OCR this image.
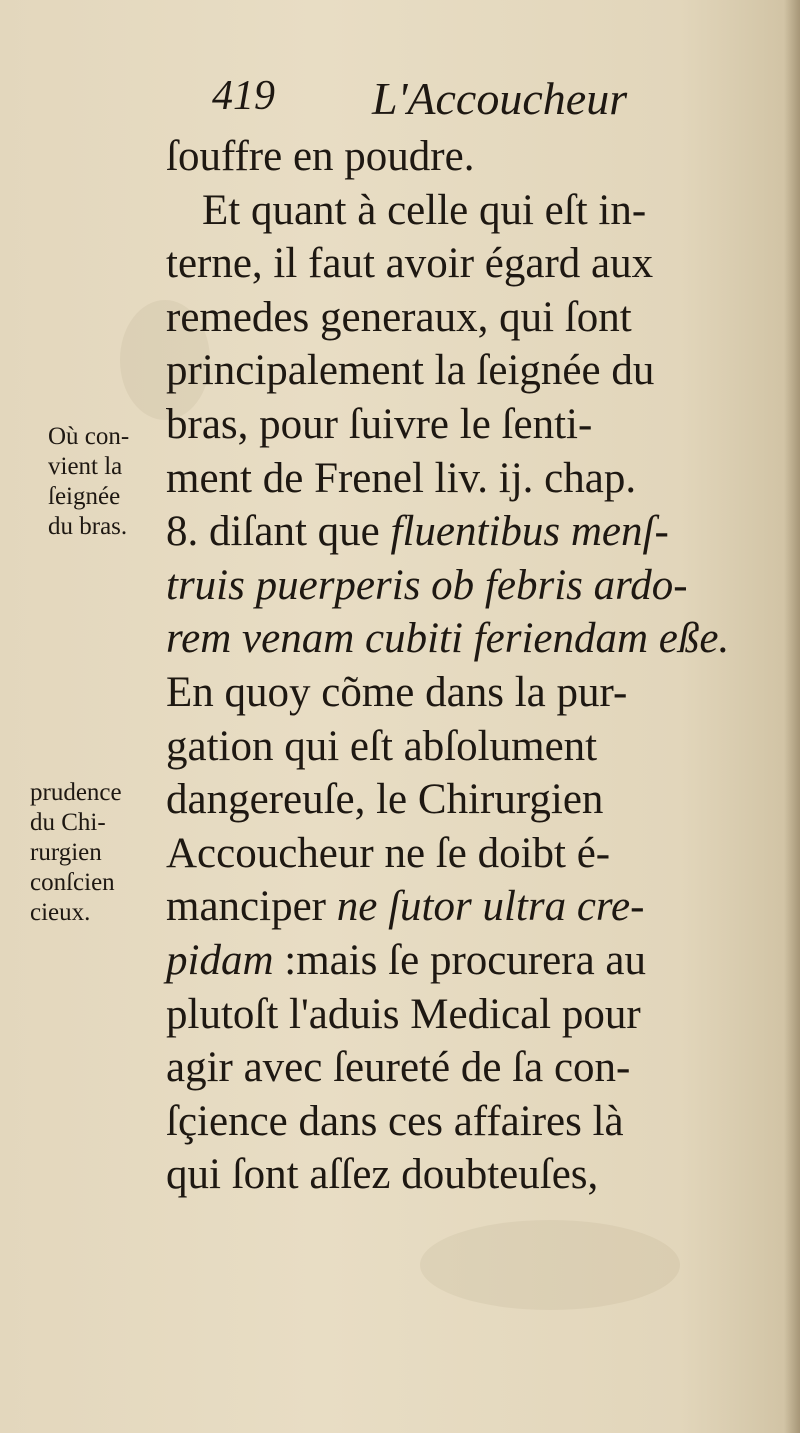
419 L'Accoucheur
Où con-
vient la
ſeignée
du bras.
prudence
du Chi-
rurgien
conſcien
cieux.
ſouffre en poudre.
Et quant à celle qui eſt in-
terne, il faut avoir égard aux
remedes generaux, qui ſont
principalement la ſeignée du
bras, pour ſuivre le ſenti-
ment de Frenel liv. ij. chap.
8. diſant que fluentibus menſ-
truis puerperis ob febris ardo-
rem venam cubiti feriendam eße.
En quoy cõme dans la pur-
gation qui eſt abſolument
dangereuſe, le Chirurgien
Accoucheur ne ſe doibt é-
manciper ne ſutor ultra cre-
pidam :mais ſe procurera au
plutoſt l'aduis Medical pour
agir avec ſeureté de ſa con-
ſçience dans ces affaires là
qui ſont aſſez doubteuſes,
